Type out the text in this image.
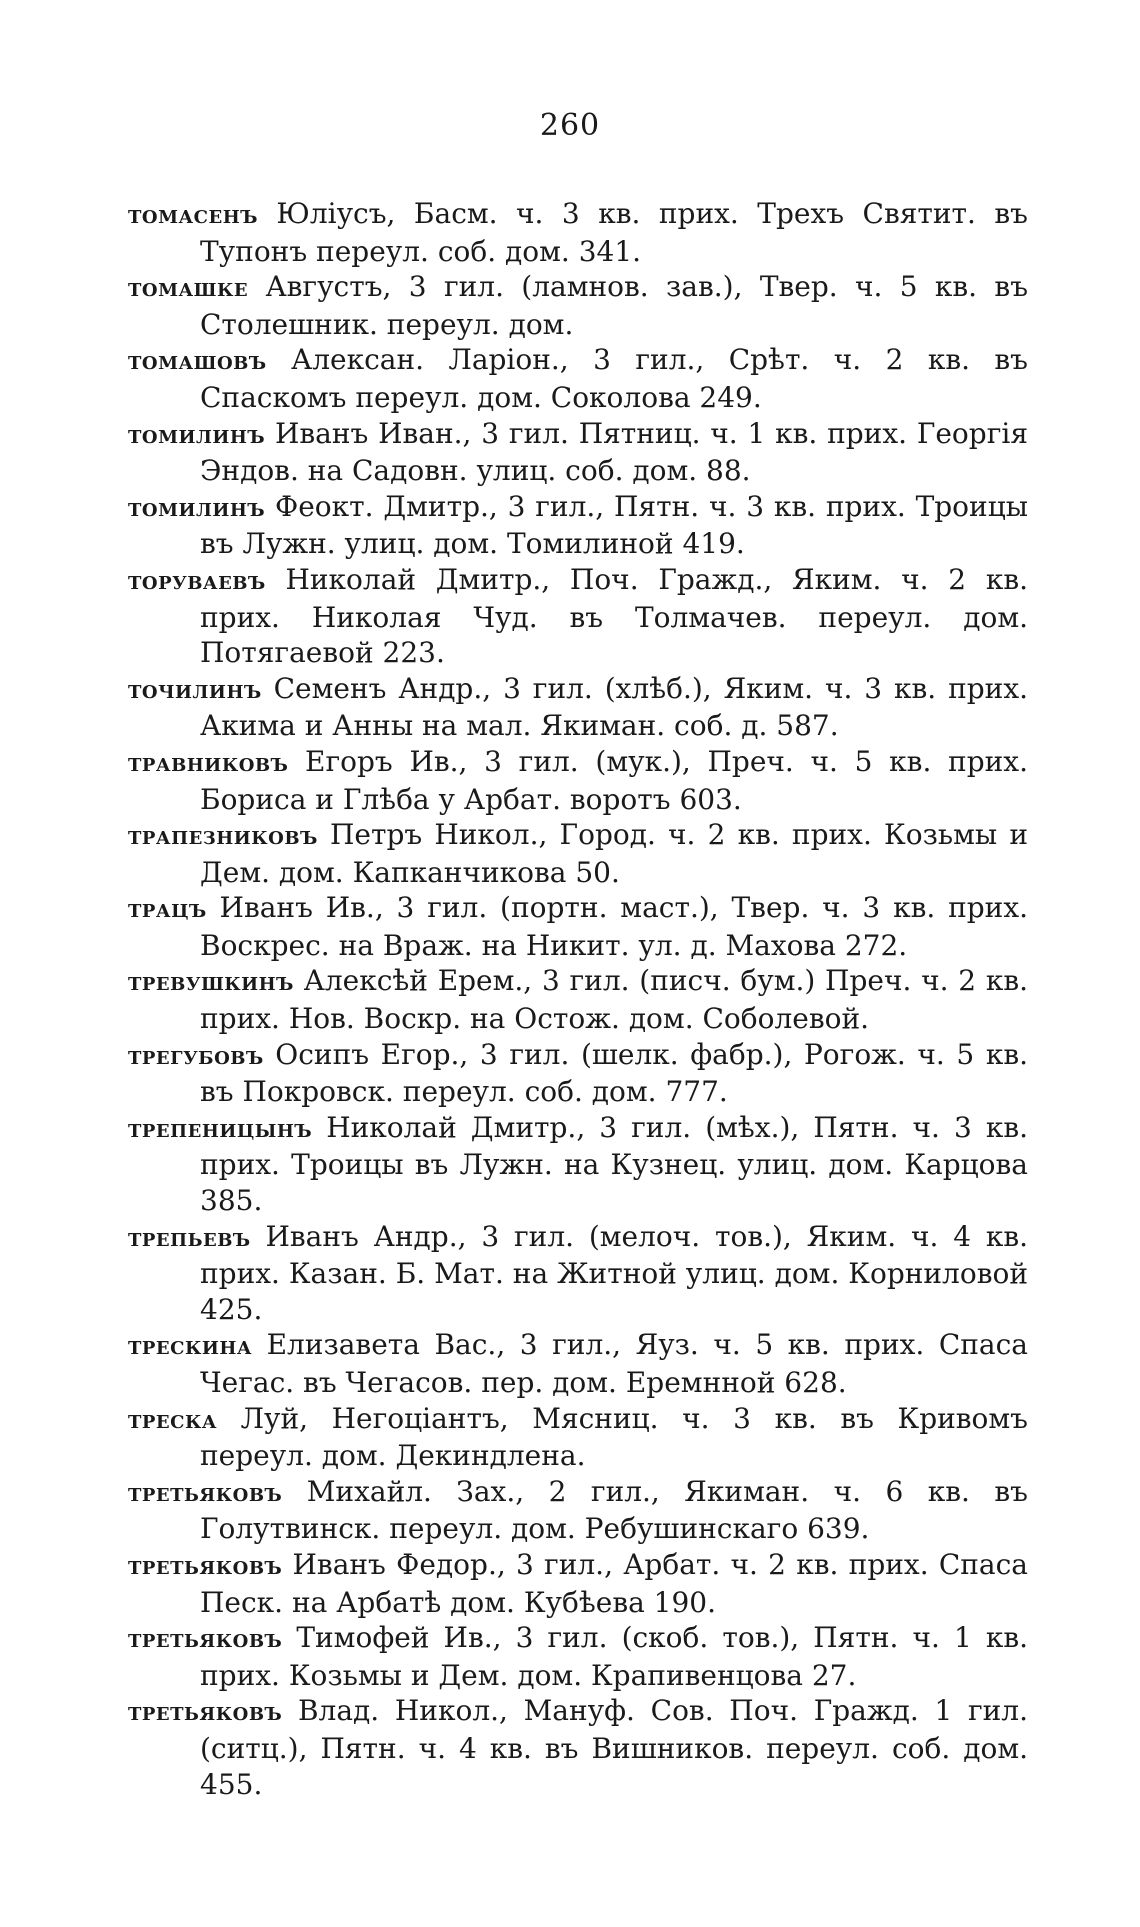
260

томасенъ Юліусъ, Басм. ч. 3 кв. прих. Трехъ Святит. въ Тупонъ переул. соб. дом. 341.

томашке Августъ, 3 гил. (ламнов. зав.), Твер. ч. 5 кв. въ Столешник. переул. дом.

томашовъ Алексан. Ларіон., 3 гил., Срѣт. ч. 2 кв. въ Спаскомъ переул. дом. Соколова 249.

томилинъ Иванъ Иван., 3 гил. Пятниц. ч. 1 кв. прих. Георгія Эндов. на Садовн. улиц. соб. дом. 88.

томилинъ Феокт. Дмитр., 3 гил., Пятн. ч. 3 кв. прих. Троицы въ Лужн. улиц. дом. Томилиной 419.

торуваевъ Николай Дмитр., Поч. Гражд., Яким. ч. 2 кв. прих. Николая Чуд. въ Толмачев. переул. дом. Потягаевой 223.

точилинъ Семенъ Андр., 3 гил. (хлѣб.), Яким. ч. 3 кв. прих. Акима и Анны на мал. Якиман. соб. д. 587.

травниковъ Егоръ Ив., 3 гил. (мук.), Преч. ч. 5 кв. прих. Бориса и Глѣба у Арбат. воротъ 603.

трапезниковъ Петръ Никол., Город. ч. 2 кв. прих. Козьмы и Дем. дом. Капканчикова 50.

трацъ Иванъ Ив., 3 гил. (портн. маст.), Твер. ч. 3 кв. прих. Воскрес. на Враж. на Никит. ул. д. Махова 272.

тревушкинъ Алексѣй Ерем., 3 гил. (писч. бум.) Преч. ч. 2 кв. прих. Нов. Воскр. на Остож. дом. Соболевой.

трегубовъ Осипъ Егор., 3 гил. (шелк. фабр.), Рогож. ч. 5 кв. въ Покровск. переул. соб. дом. 777.

трепеницынъ Николай Дмитр., 3 гил. (мѣх.), Пятн. ч. 3 кв. прих. Троицы въ Лужн. на Кузнец. улиц. дом. Карцова 385.

трепьевъ Иванъ Андр., 3 гил. (мелоч. тов.), Яким. ч. 4 кв. прих. Казан. Б. Мат. на Житной улиц. дом. Корниловой 425.

трескина Елизавета Вас., 3 гил., Яуз. ч. 5 кв. прих. Спаса Чегас. въ Чегасов. пер. дом. Еремнной 628.

треска Луй, Негоціантъ, Мясниц. ч. 3 кв. въ Кривомъ переул. дом. Декиндлена.

третьяковъ Михайл. Зах., 2 гил., Якиман. ч. 6 кв. въ Голутвинск. переул. дом. Ребушинскаго 639.

третьяковъ Иванъ Федор., 3 гил., Арбат. ч. 2 кв. прих. Спаса Песк. на Арбатѣ дом. Кубѣева 190.

третьяковъ Тимофей Ив., 3 гил. (скоб. тов.), Пятн. ч. 1 кв. прих. Козьмы и Дем. дом. Крапивенцова 27.

третьяковъ Влад. Никол., Мануф. Сов. Поч. Гражд. 1 гил. (ситц.), Пятн. ч. 4 кв. въ Вишников. переул. соб. дом. 455.
